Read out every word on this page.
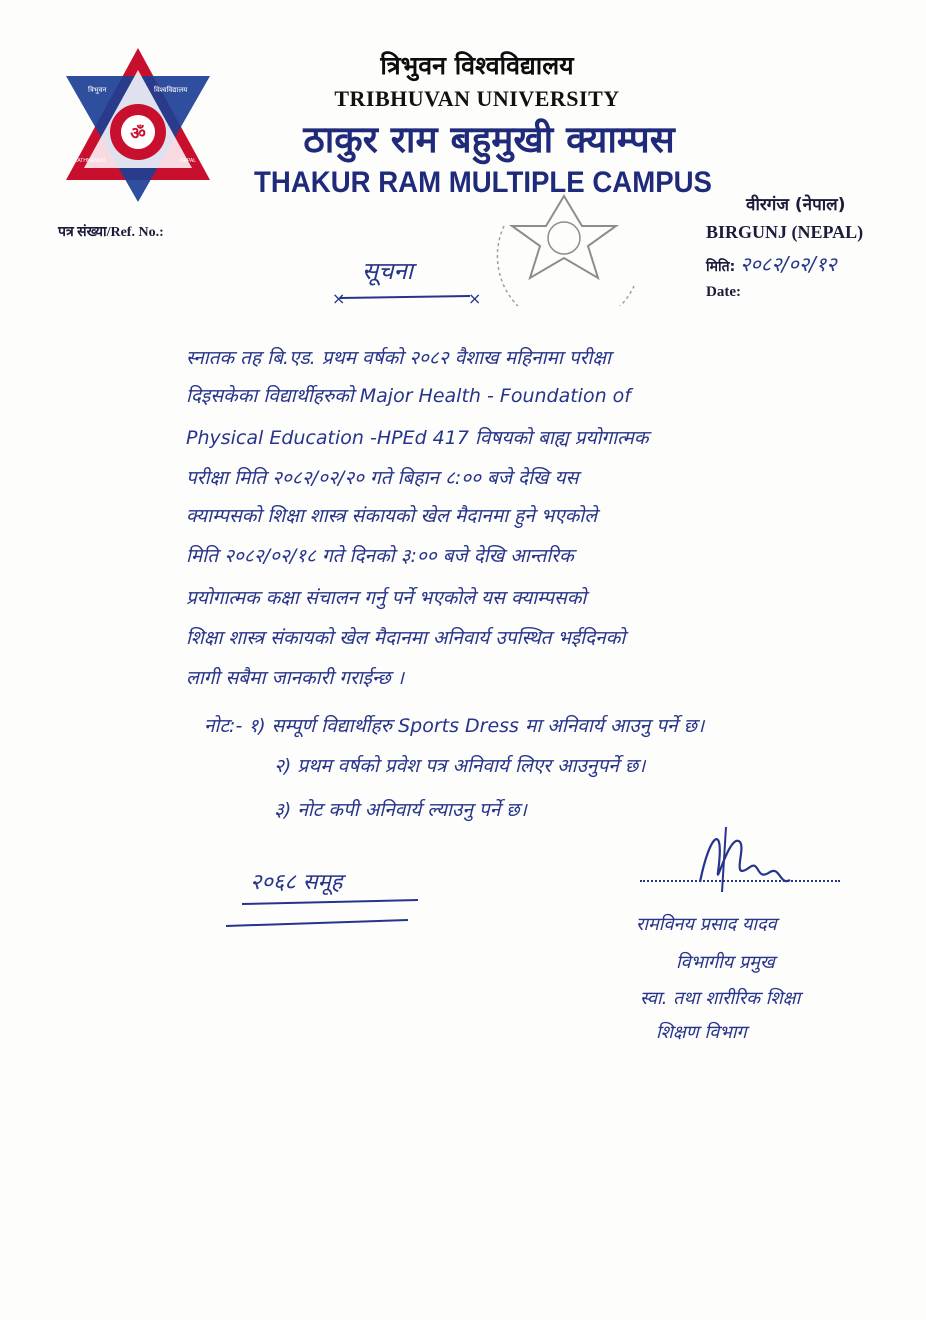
ॐ
त्रिभुवन	विश्वविद्यालय
KATHMANDU	NEPAL
त्रिभुवन विश्वविद्यालय
TRIBHUVAN UNIVERSITY
ठाकुर राम बहुमुखी क्याम्पस
THAKUR RAM MULTIPLE CAMPUS
पत्र संख्या/Ref. No.:
वीरगंज (नेपाल)
BIRGUNJ (NEPAL)
मिति: २०८२/०२/१२
Date:
सूचना
×	×
स्नातक तह बि.एड. प्रथम वर्षको २०८२ वैशाख महिनामा परीक्षा
दिइसकेका विद्यार्थीहरुको Major Health - Foundation of
Physical Education -HPEd 417 विषयको बाह्य प्रयोगात्मक
परीक्षा मिति २०८२/०२/२० गते बिहान ८:०० बजे देखि यस
क्याम्पसको शिक्षा शास्त्र संकायको खेल मैदानमा हुने भएकोले
मिति २०८२/०२/१८ गते दिनको ३:०० बजे देखि आन्तरिक
प्रयोगात्मक कक्षा संचालन गर्नु पर्ने भएकोले यस क्याम्पसको
शिक्षा शास्त्र संकायको खेल मैदानमा अनिवार्य उपस्थित भईदिनको
लागी सबैमा जानकारी गराईन्छ ।
नोट:- १) सम्पूर्ण विद्यार्थीहरु Sports Dress मा अनिवार्य आउनु पर्ने छ।
२) प्रथम वर्षको प्रवेश पत्र अनिवार्य लिएर आउनुपर्ने छ।
३) नोट कपी अनिवार्य ल्याउनु पर्ने छ।
२०६८ समूह
रामविनय प्रसाद यादव
विभागीय प्रमुख
स्वा. तथा शारीरिक शिक्षा
शिक्षण विभाग
